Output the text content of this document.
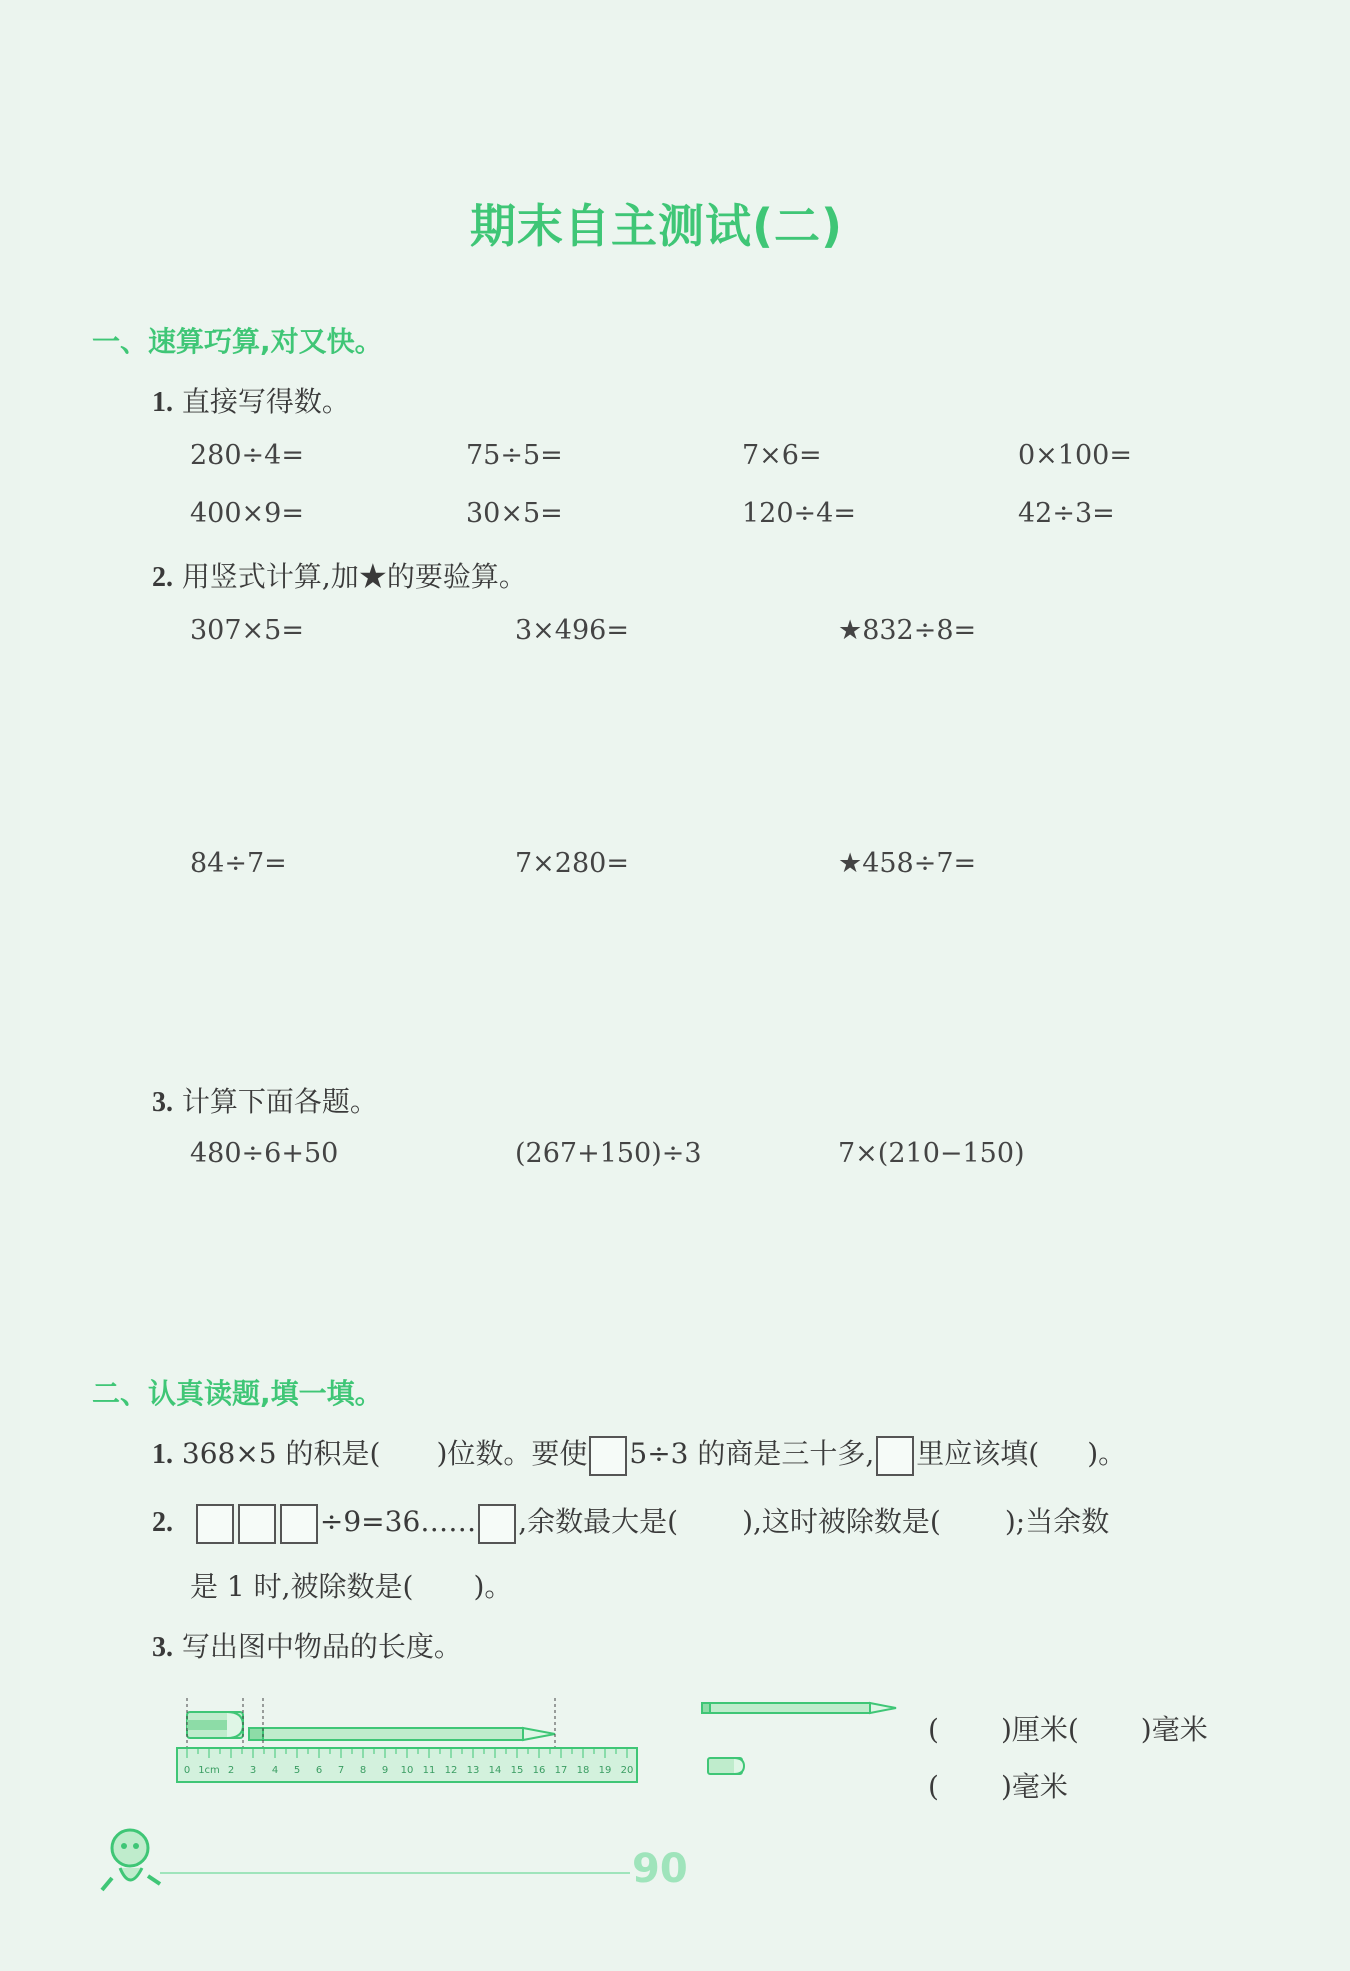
期末自主测试(二)
一、速算巧算,对又快。
1. 直接写得数。
280÷4=	75÷5=	7×6=	0×100=
400×9=	30×5=	120÷4=	42÷3=
2. 用竖式计算,加★的要验算。
307×5=	3×496=	★832÷8=
84÷7=	7×280=	★458÷7=
3. 计算下面各题。
480÷6+50	(267+150)÷3	7×(210−150)
二、认真读题,填一填。
1. 368×5 的积是( )位数。要使 5÷3 的商是三十多, 里应该填( )。
2.	÷9=36…… ,余数最大是( ),这时被除数是( );当余数
是 1 时,被除数是( )。
3. 写出图中物品的长度。
0 1cm 2 3 4 5 6 7 8 9 10 11 12 13 14 15 16 17 18 19 20
( )厘米( )毫米
( )毫米
90
